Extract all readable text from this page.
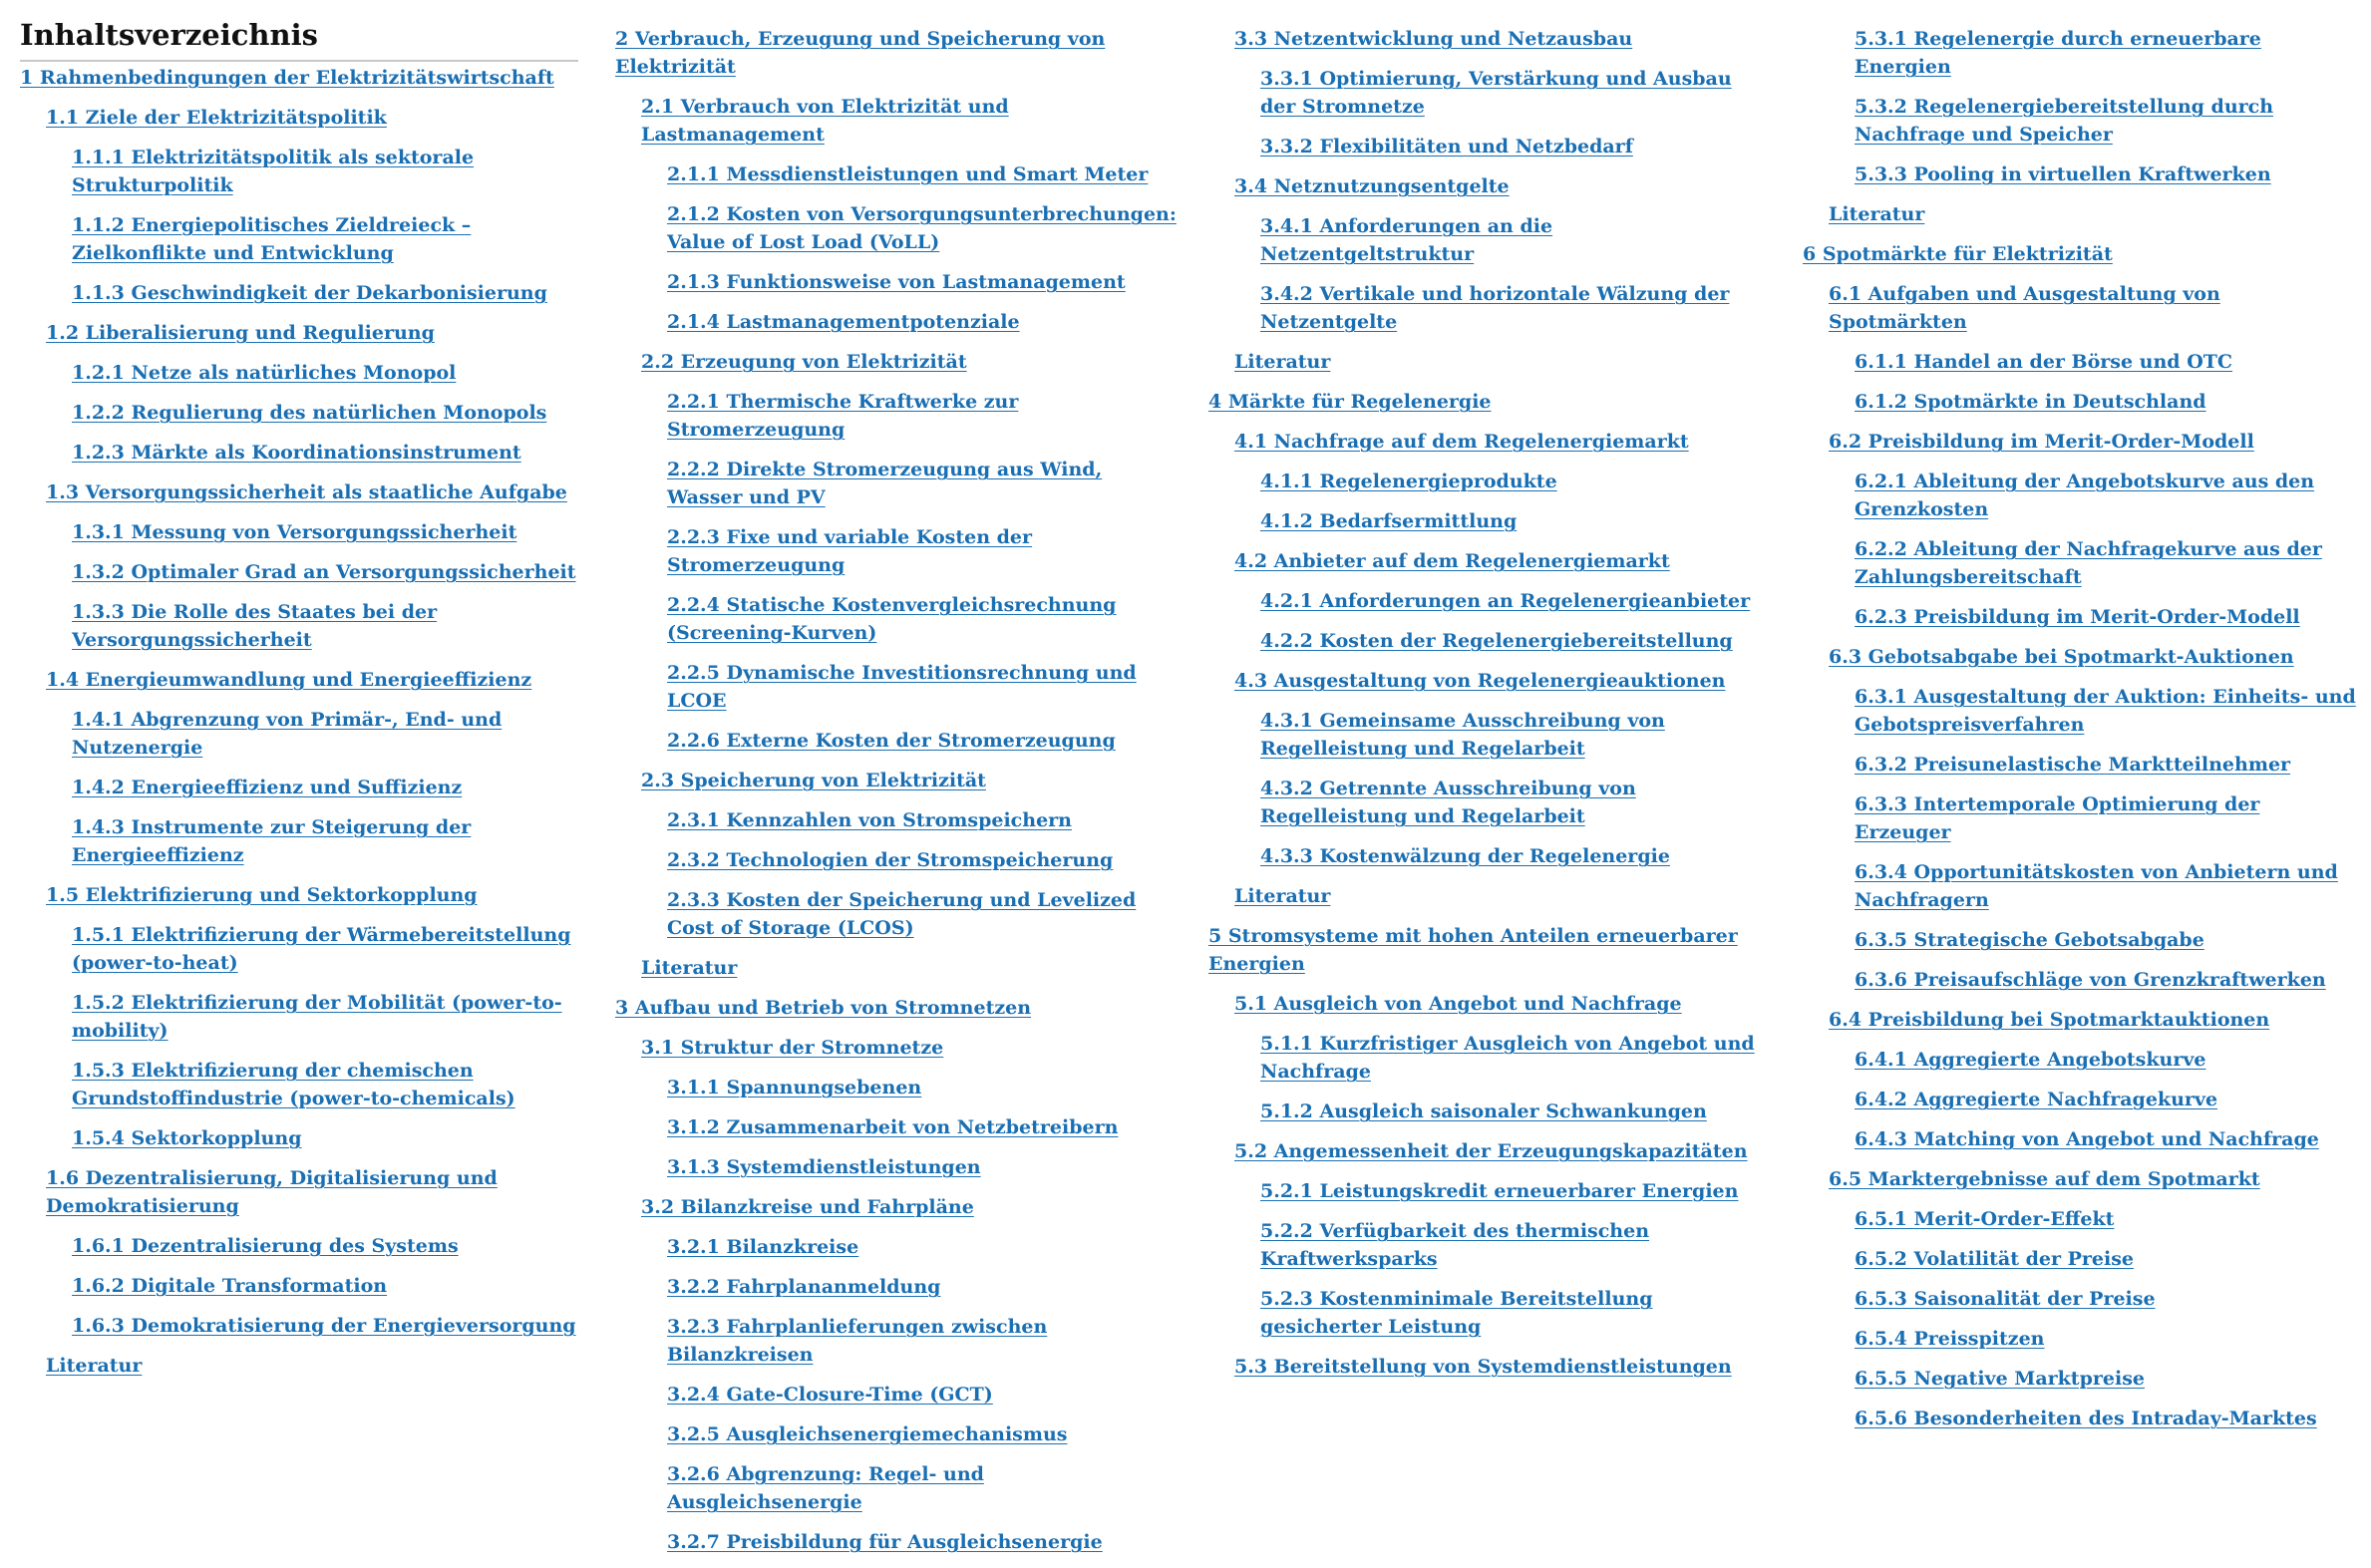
Inhaltsverzeichnis
1 Rahmenbedingungen der Elektrizitätswirtschaft
1.1 Ziele der Elektrizitätspolitik
1.1.1 Elektrizitätspolitik als sektorale Strukturpolitik
1.1.2 Energiepolitisches Zieldreieck – Zielkonflikte und Entwicklung
1.1.3 Geschwindigkeit der Dekarbonisierung
1.2 Liberalisierung und Regulierung
1.2.1 Netze als natürliches Monopol
1.2.2 Regulierung des natürlichen Monopols
1.2.3 Märkte als Koordinationsinstrument
1.3 Versorgungssicherheit als staatliche Aufgabe
1.3.1 Messung von Versorgungssicherheit
1.3.2 Optimaler Grad an Versorgungssicherheit
1.3.3 Die Rolle des Staates bei der Versorgungssicherheit
1.4 Energieumwandlung und Energieeffizienz
1.4.1 Abgrenzung von Primär-, End- und Nutzenergie
1.4.2 Energieeffizienz und Suffizienz
1.4.3 Instrumente zur Steigerung der Energieeffizienz
1.5 Elektrifizierung und Sektorkopplung
1.5.1 Elektrifizierung der Wärmebereitstellung (power-to-heat)
1.5.2 Elektrifizierung der Mobilität (power-to-mobility)
1.5.3 Elektrifizierung der chemischen Grundstoffindustrie (power-to-chemicals)
1.5.4 Sektorkopplung
1.6 Dezentralisierung, Digitalisierung und Demokratisierung
1.6.1 Dezentralisierung des Systems
1.6.2 Digitale Transformation
1.6.3 Demokratisierung der Energieversorgung
Literatur
2 Verbrauch, Erzeugung und Speicherung von Elektrizität
2.1 Verbrauch von Elektrizität und Lastmanagement
2.1.1 Messdienstleistungen und Smart Meter
2.1.2 Kosten von Versorgungsunterbrechungen: Value of Lost Load (VoLL)
2.1.3 Funktionsweise von Lastmanagement
2.1.4 Lastmanagementpotenziale
2.2 Erzeugung von Elektrizität
2.2.1 Thermische Kraftwerke zur Stromerzeugung
2.2.2 Direkte Stromerzeugung aus Wind, Wasser und PV
2.2.3 Fixe und variable Kosten der Stromerzeugung
2.2.4 Statische Kostenvergleichsrechnung (Screening-Kurven)
2.2.5 Dynamische Investitionsrechnung und LCOE
2.2.6 Externe Kosten der Stromerzeugung
2.3 Speicherung von Elektrizität
2.3.1 Kennzahlen von Stromspeichern
2.3.2 Technologien der Stromspeicherung
2.3.3 Kosten der Speicherung und Levelized Cost of Storage (LCOS)
Literatur
3 Aufbau und Betrieb von Stromnetzen
3.1 Struktur der Stromnetze
3.1.1 Spannungsebenen
3.1.2 Zusammenarbeit von Netzbetreibern
3.1.3 Systemdienstleistungen
3.2 Bilanzkreise und Fahrpläne
3.2.1 Bilanzkreise
3.2.2 Fahrplananmeldung
3.2.3 Fahrplanlieferungen zwischen Bilanzkreisen
3.2.4 Gate-Closure-Time (GCT)
3.2.5 Ausgleichsenergiemechanismus
3.2.6 Abgrenzung: Regel- und Ausgleichsenergie
3.2.7 Preisbildung für Ausgleichsenergie
3.3 Netzentwicklung und Netzausbau
3.3.1 Optimierung, Verstärkung und Ausbau der Stromnetze
3.3.2 Flexibilitäten und Netzbedarf
3.4 Netznutzungsentgelte
3.4.1 Anforderungen an die Netzentgeltstruktur
3.4.2 Vertikale und horizontale Wälzung der Netzentgelte
Literatur
4 Märkte für Regelenergie
4.1 Nachfrage auf dem Regelenergiemarkt
4.1.1 Regelenergieprodukte
4.1.2 Bedarfsermittlung
4.2 Anbieter auf dem Regelenergiemarkt
4.2.1 Anforderungen an Regelenergieanbieter
4.2.2 Kosten der Regelenergiebereitstellung
4.3 Ausgestaltung von Regelenergieauktionen
4.3.1 Gemeinsame Ausschreibung von Regelleistung und Regelarbeit
4.3.2 Getrennte Ausschreibung von Regelleistung und Regelarbeit
4.3.3 Kostenwälzung der Regelenergie
Literatur
5 Stromsysteme mit hohen Anteilen erneuerbarer Energien
5.1 Ausgleich von Angebot und Nachfrage
5.1.1 Kurzfristiger Ausgleich von Angebot und Nachfrage
5.1.2 Ausgleich saisonaler Schwankungen
5.2 Angemessenheit der Erzeugungskapazitäten
5.2.1 Leistungskredit erneuerbarer Energien
5.2.2 Verfügbarkeit des thermischen Kraftwerksparks
5.2.3 Kostenminimale Bereitstellung gesicherter Leistung
5.3 Bereitstellung von Systemdienstleistungen
5.3.1 Regelenergie durch erneuerbare Energien
5.3.2 Regelenergiebereitstellung durch Nachfrage und Speicher
5.3.3 Pooling in virtuellen Kraftwerken
Literatur
6 Spotmärkte für Elektrizität
6.1 Aufgaben und Ausgestaltung von Spotmärkten
6.1.1 Handel an der Börse und OTC
6.1.2 Spotmärkte in Deutschland
6.2 Preisbildung im Merit-Order-Modell
6.2.1 Ableitung der Angebotskurve aus den Grenzkosten
6.2.2 Ableitung der Nachfragekurve aus der Zahlungsbereitschaft
6.2.3 Preisbildung im Merit-Order-Modell
6.3 Gebotsabgabe bei Spotmarkt-Auktionen
6.3.1 Ausgestaltung der Auktion: Einheits- und Gebotspreisverfahren
6.3.2 Preisunelastische Marktteilnehmer
6.3.3 Intertemporale Optimierung der Erzeuger
6.3.4 Opportunitätskosten von Anbietern und Nachfragern
6.3.5 Strategische Gebotsabgabe
6.3.6 Preisaufschläge von Grenzkraftwerken
6.4 Preisbildung bei Spotmarktauktionen
6.4.1 Aggregierte Angebotskurve
6.4.2 Aggregierte Nachfragekurve
6.4.3 Matching von Angebot und Nachfrage
6.5 Marktergebnisse auf dem Spotmarkt
6.5.1 Merit-Order-Effekt
6.5.2 Volatilität der Preise
6.5.3 Saisonalität der Preise
6.5.4 Preisspitzen
6.5.5 Negative Marktpreise
6.5.6 Besonderheiten des Intraday-Marktes
